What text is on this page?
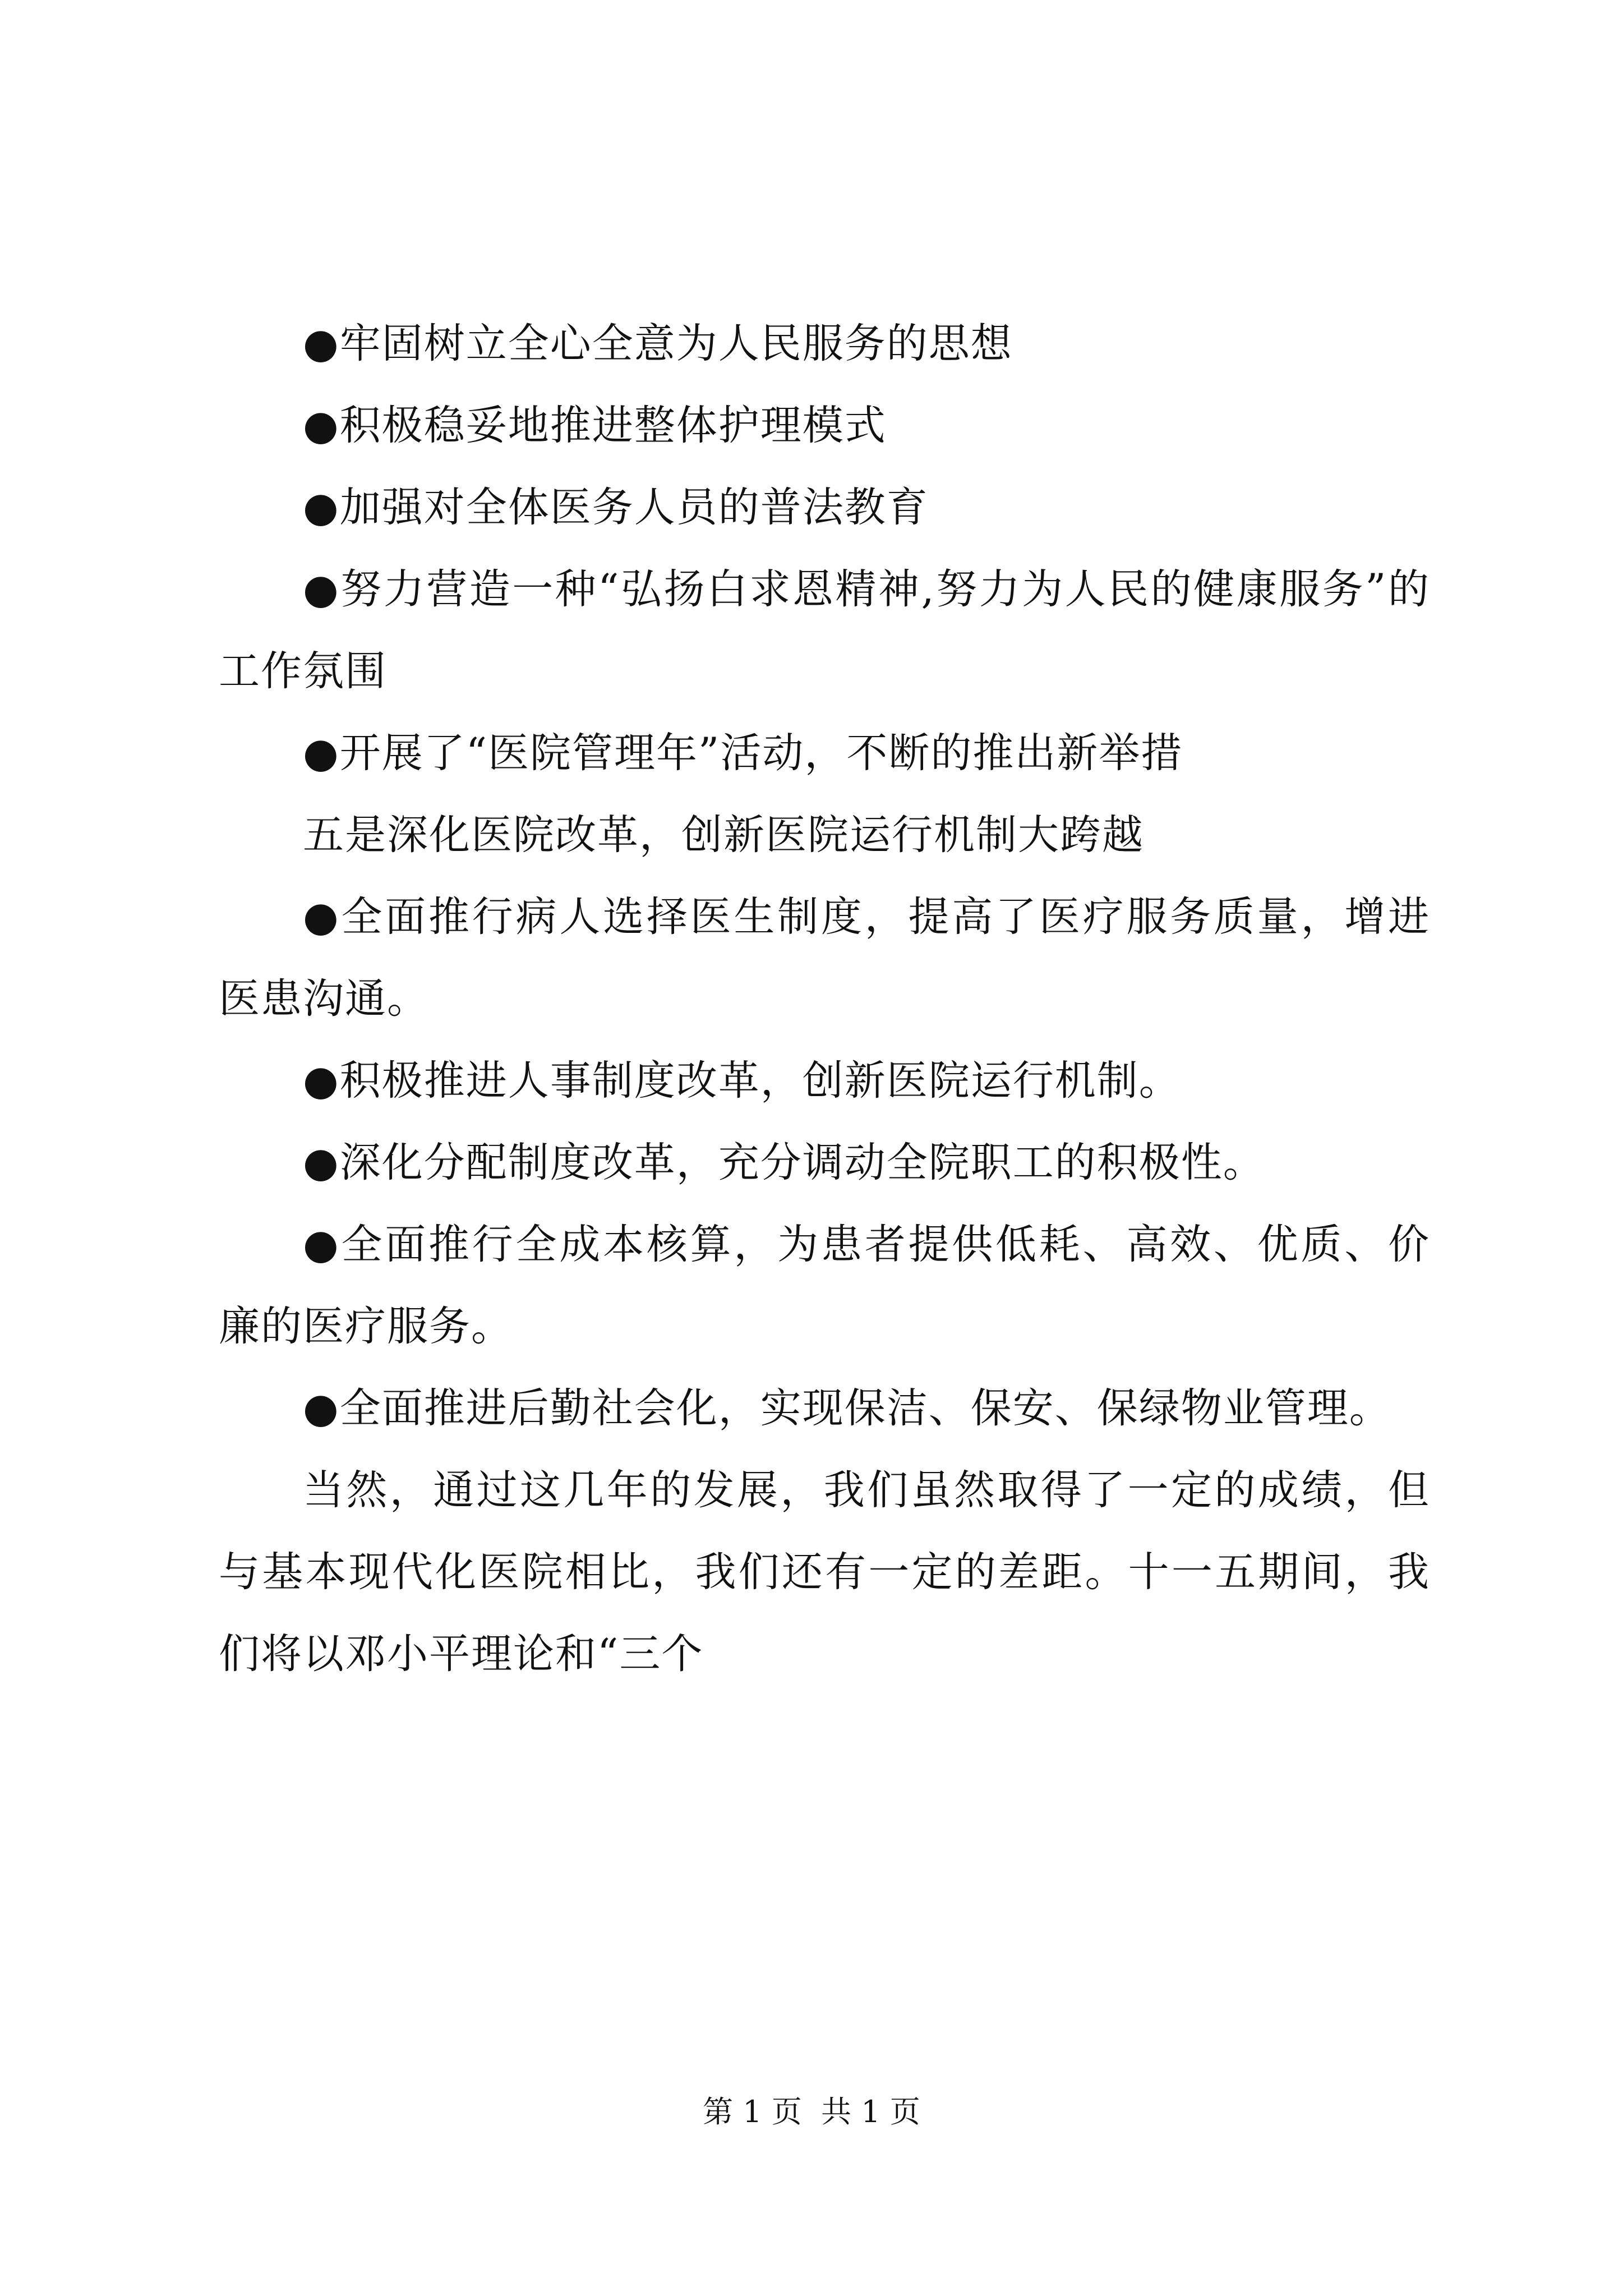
●牢固树立全心全意为人民服务的思想

●积极稳妥地推进整体护理模式

●加强对全体医务人员的普法教育

●努力营造一种“弘扬白求恩精神,努力为人民的健康服务”的工作氛围

●开展了“医院管理年”活动，不断的推出新举措

五是深化医院改革，创新医院运行机制大跨越

●全面推行病人选择医生制度，提高了医疗服务质量，增进医患沟通。

●积极推进人事制度改革，创新医院运行机制。

●深化分配制度改革，充分调动全院职工的积极性。

●全面推行全成本核算，为患者提供低耗、高效、优质、价廉的医疗服务。

●全面推进后勤社会化，实现保洁、保安、保绿物业管理。

当然，通过这几年的发展，我们虽然取得了一定的成绩，但与基本现代化医院相比，我们还有一定的差距。十一五期间，我们将以邓小平理论和“三个

第 1 页  共 1 页
